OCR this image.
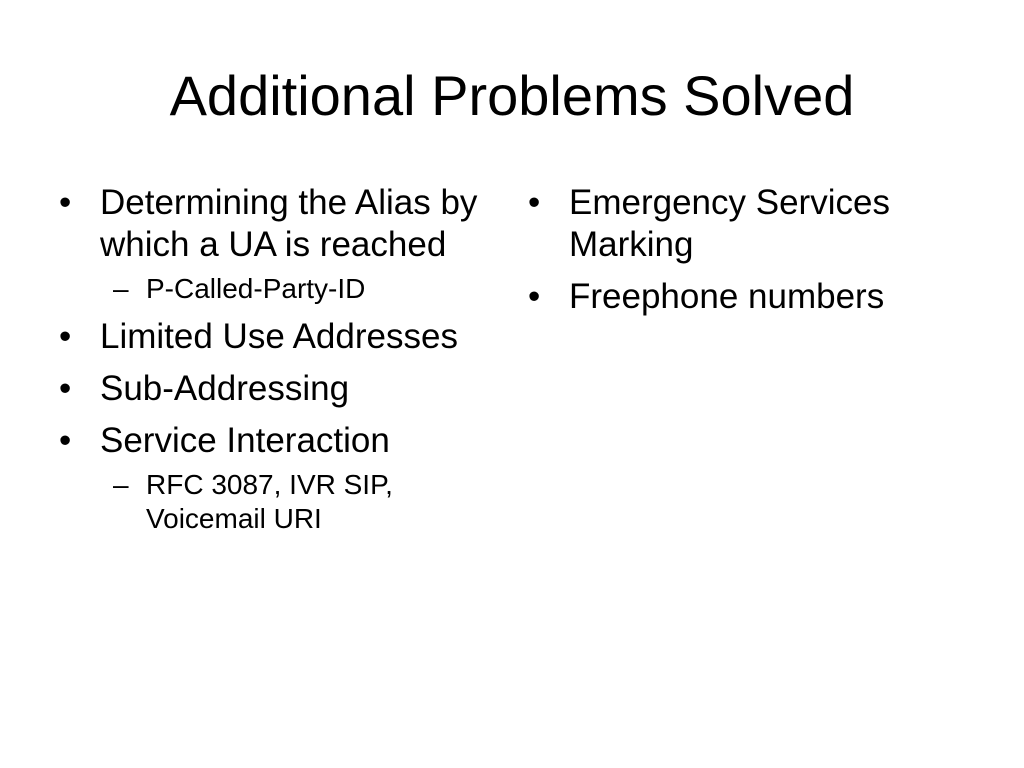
Additional Problems Solved
• Determining the Alias by which a UA is reached
– P-Called-Party-ID
• Limited Use Addresses
• Sub-Addressing
• Service Interaction
– RFC 3087, IVR SIP, Voicemail URI
• Emergency Services Marking
• Freephone numbers
